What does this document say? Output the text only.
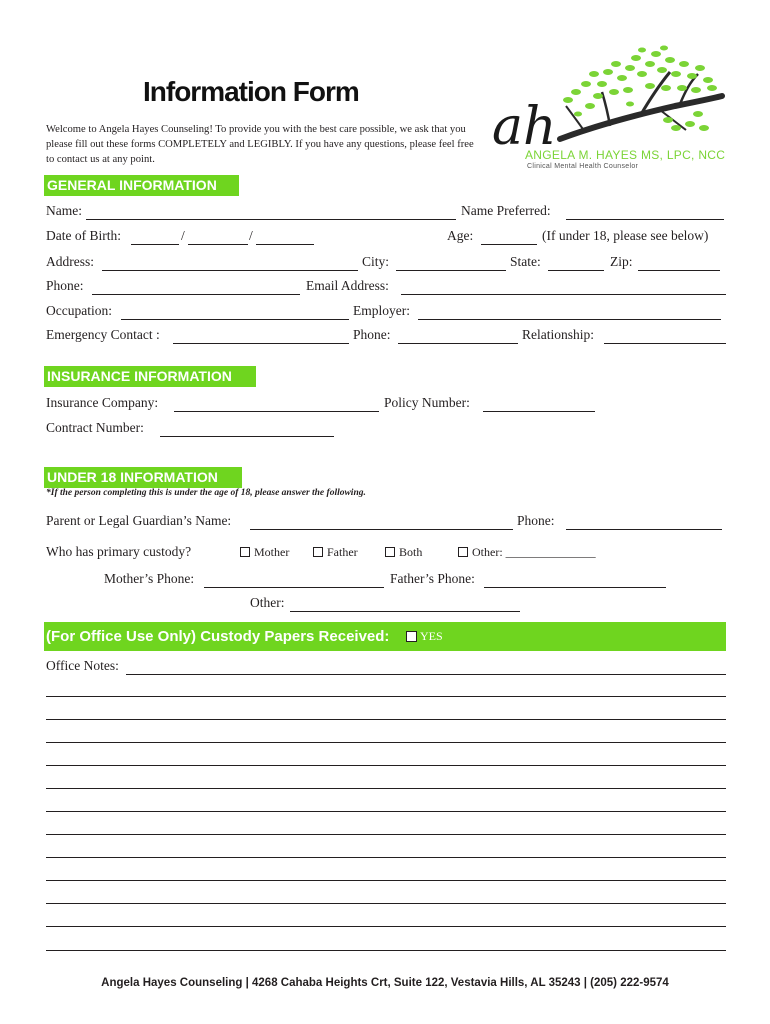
Information Form
Welcome to Angela Hayes Counseling! To provide you with the best care possible, we ask that you please fill out these forms COMPLETELY and LEGIBLY. If you have any questions, please feel free to contact us at any point.
ah
ANGELA M. HAYES MS, LPC, NCC
Clinical Mental Health Counselor
GENERAL INFORMATION
Name:	Name Preferred:
Date of Birth:	/	/	Age:	(If under 18, please see below)
Address:	City:	State:	Zip:
Phone:	Email Address:
Occupation:	Employer:
Emergency Contact :	Phone:	Relationship:
INSURANCE INFORMATION
Insurance Company:	Policy Number:
Contract Number:
UNDER 18 INFORMATION
*If the person completing this is under the age of 18, please answer the following.
Parent or Legal Guardian’s Name:	Phone:
Who has primary custody?	Mother	Father	Both	Other: _______________
Mother’s Phone:	Father’s Phone:
Other:
(For Office Use Only) Custody Papers Received:	YES
Office Notes:
Angela Hayes Counseling | 4268 Cahaba Heights Crt, Suite 122, Vestavia Hills, AL 35243 | (205) 222-9574
